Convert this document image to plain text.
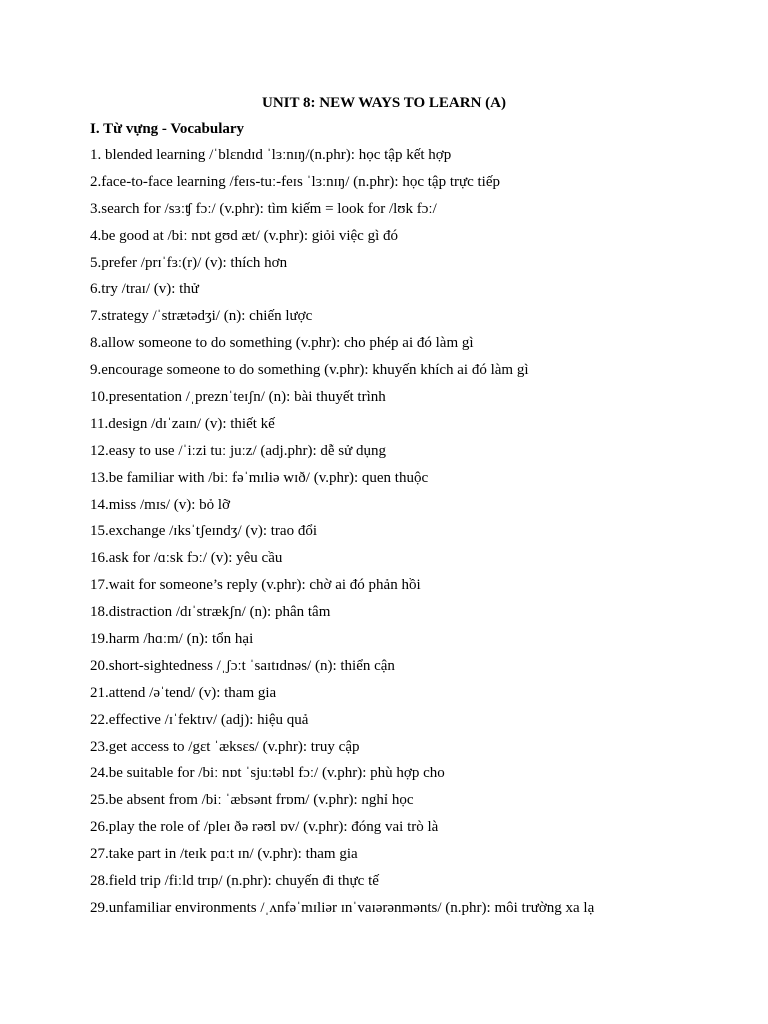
UNIT 8: NEW WAYS TO LEARN (A)
I. Từ vựng - Vocabulary
1. blended learning /ˈblɛndɪd ˈlɜːnɪŋ/(n.phr): học tập kết hợp
2.face-to-face learning /feɪs-tuː-feɪs ˈlɜːnɪŋ/ (n.phr): học tập trực tiếp
3.search for /sɜːʧ fɔː/ (v.phr): tìm kiếm = look for /lʊk fɔː/
4.be good at /biː nɒt gʊd æt/ (v.phr): giỏi việc gì đó
5.prefer /prɪˈfɜː(r)/ (v): thích hơn
6.try /traɪ/ (v): thử
7.strategy /ˈstrætədʒi/ (n): chiến lược
8.allow someone to do something (v.phr): cho phép ai đó làm gì
9.encourage someone to do something (v.phr): khuyến khích ai đó làm gì
10.presentation /ˌpreznˈteɪʃn/ (n): bài thuyết trình
11.design /dɪˈzaɪn/ (v): thiết kế
12.easy to use /ˈiːzi tuː juːz/ (adj.phr): dễ sử dụng
13.be familiar with /biː fəˈmɪliə wɪð/ (v.phr): quen thuộc
14.miss /mɪs/ (v): bỏ lỡ
15.exchange /ɪksˈtʃeɪndʒ/ (v): trao đổi
16.ask for /ɑːsk fɔː/ (v): yêu cầu
17.wait for someone’s reply (v.phr): chờ ai đó phản hồi
18.distraction /dɪˈstrækʃn/ (n): phân tâm
19.harm /hɑːm/ (n): tổn hại
20.short-sightedness /ˌʃɔːt ˈsaɪtɪdnəs/ (n): thiển cận
21.attend /əˈtend/ (v): tham gia
22.effective /ɪˈfektɪv/ (adj): hiệu quả
23.get access to /gɛt ˈæksɛs/ (v.phr): truy cập
24.be suitable for /biː nɒt ˈsjuːtəbl fɔː/ (v.phr): phù hợp cho
25.be absent from /biː ˈæbsənt frɒm/ (v.phr): nghỉ học
26.play the role of /pleɪ ðə rəʊl ɒv/ (v.phr): đóng vai trò là
27.take part in /teɪk pɑːt ɪn/ (v.phr): tham gia
28.field trip /fiːld trɪp/ (n.phr): chuyến đi thực tế
29.unfamiliar environments /ˌʌnfəˈmɪliər ɪnˈvaɪərənmənts/ (n.phr): môi trường xa lạ
